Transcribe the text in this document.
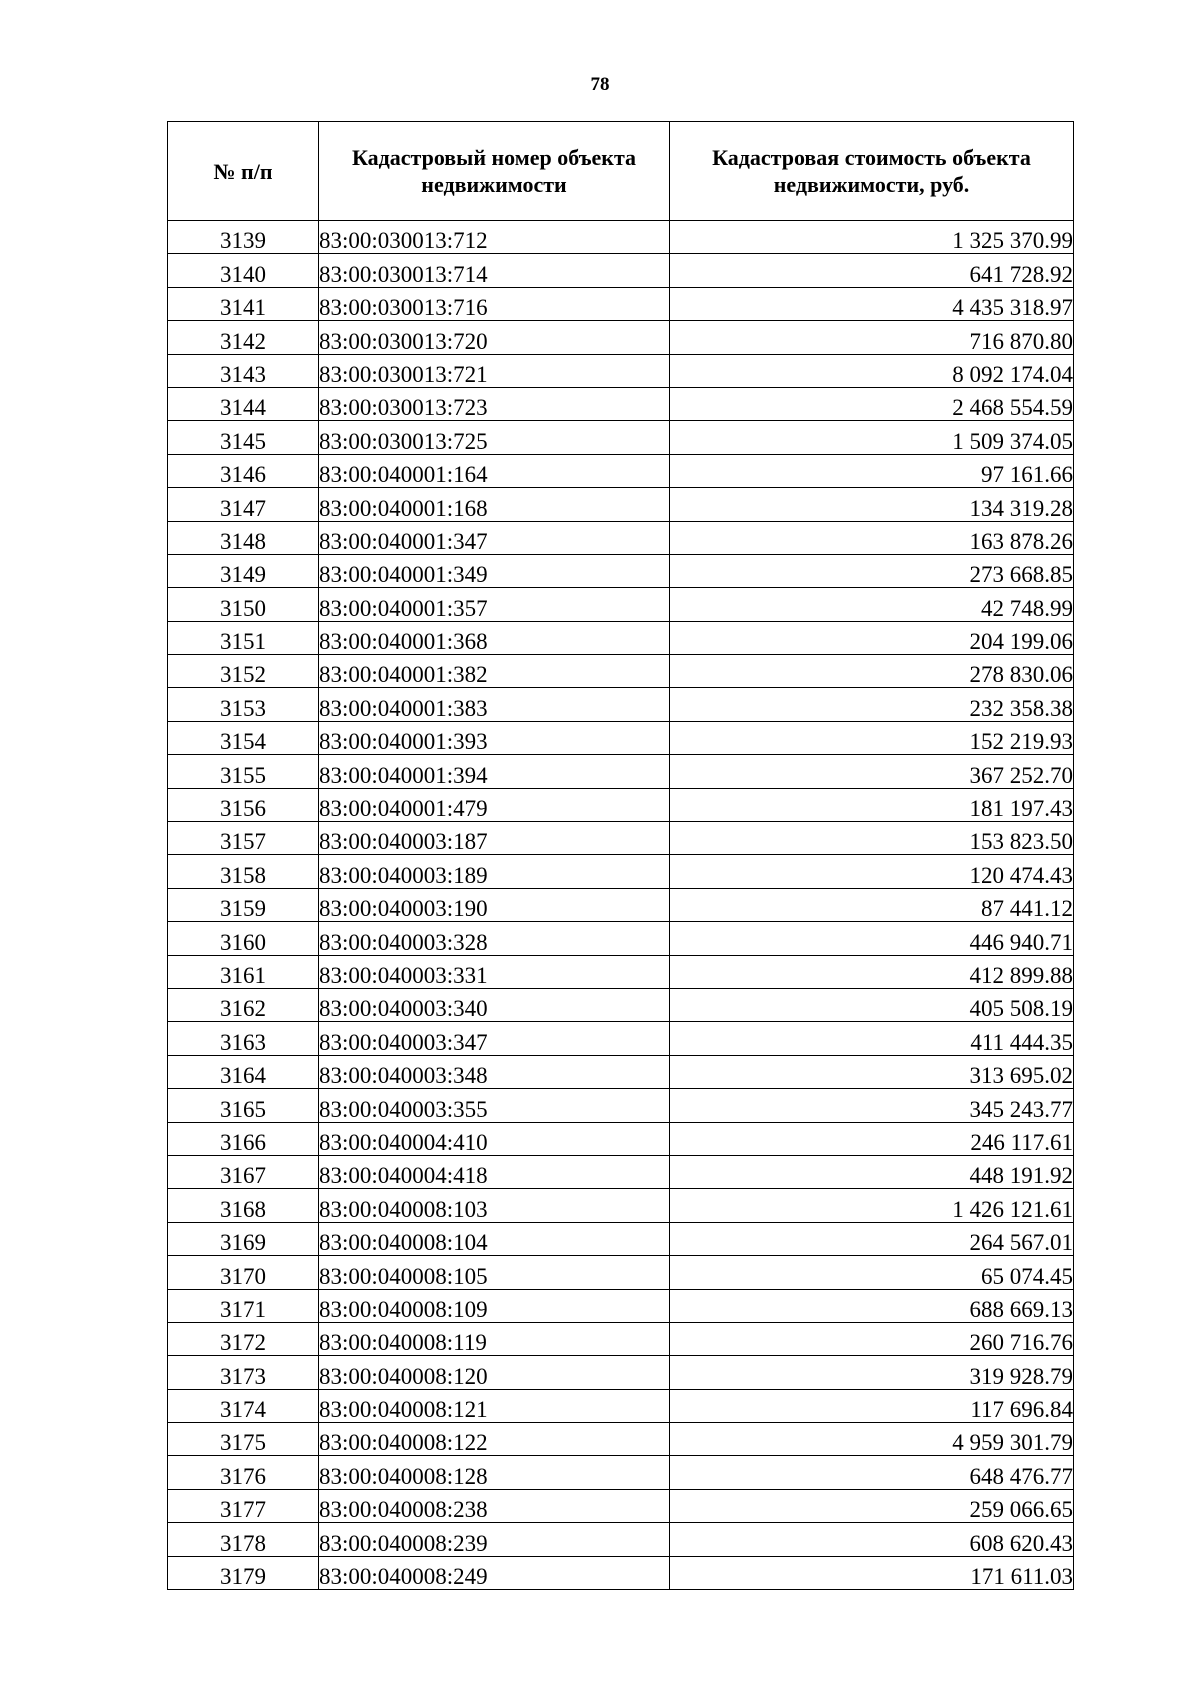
78
№ п/п	Кадастровый номер объекта недвижимости	Кадастровая стоимость объекта недвижимости, руб.
3139	83:00:030013:712	1 325 370.99
3140	83:00:030013:714	641 728.92
3141	83:00:030013:716	4 435 318.97
3142	83:00:030013:720	716 870.80
3143	83:00:030013:721	8 092 174.04
3144	83:00:030013:723	2 468 554.59
3145	83:00:030013:725	1 509 374.05
3146	83:00:040001:164	97 161.66
3147	83:00:040001:168	134 319.28
3148	83:00:040001:347	163 878.26
3149	83:00:040001:349	273 668.85
3150	83:00:040001:357	42 748.99
3151	83:00:040001:368	204 199.06
3152	83:00:040001:382	278 830.06
3153	83:00:040001:383	232 358.38
3154	83:00:040001:393	152 219.93
3155	83:00:040001:394	367 252.70
3156	83:00:040001:479	181 197.43
3157	83:00:040003:187	153 823.50
3158	83:00:040003:189	120 474.43
3159	83:00:040003:190	87 441.12
3160	83:00:040003:328	446 940.71
3161	83:00:040003:331	412 899.88
3162	83:00:040003:340	405 508.19
3163	83:00:040003:347	411 444.35
3164	83:00:040003:348	313 695.02
3165	83:00:040003:355	345 243.77
3166	83:00:040004:410	246 117.61
3167	83:00:040004:418	448 191.92
3168	83:00:040008:103	1 426 121.61
3169	83:00:040008:104	264 567.01
3170	83:00:040008:105	65 074.45
3171	83:00:040008:109	688 669.13
3172	83:00:040008:119	260 716.76
3173	83:00:040008:120	319 928.79
3174	83:00:040008:121	117 696.84
3175	83:00:040008:122	4 959 301.79
3176	83:00:040008:128	648 476.77
3177	83:00:040008:238	259 066.65
3178	83:00:040008:239	608 620.43
3179	83:00:040008:249	171 611.03
